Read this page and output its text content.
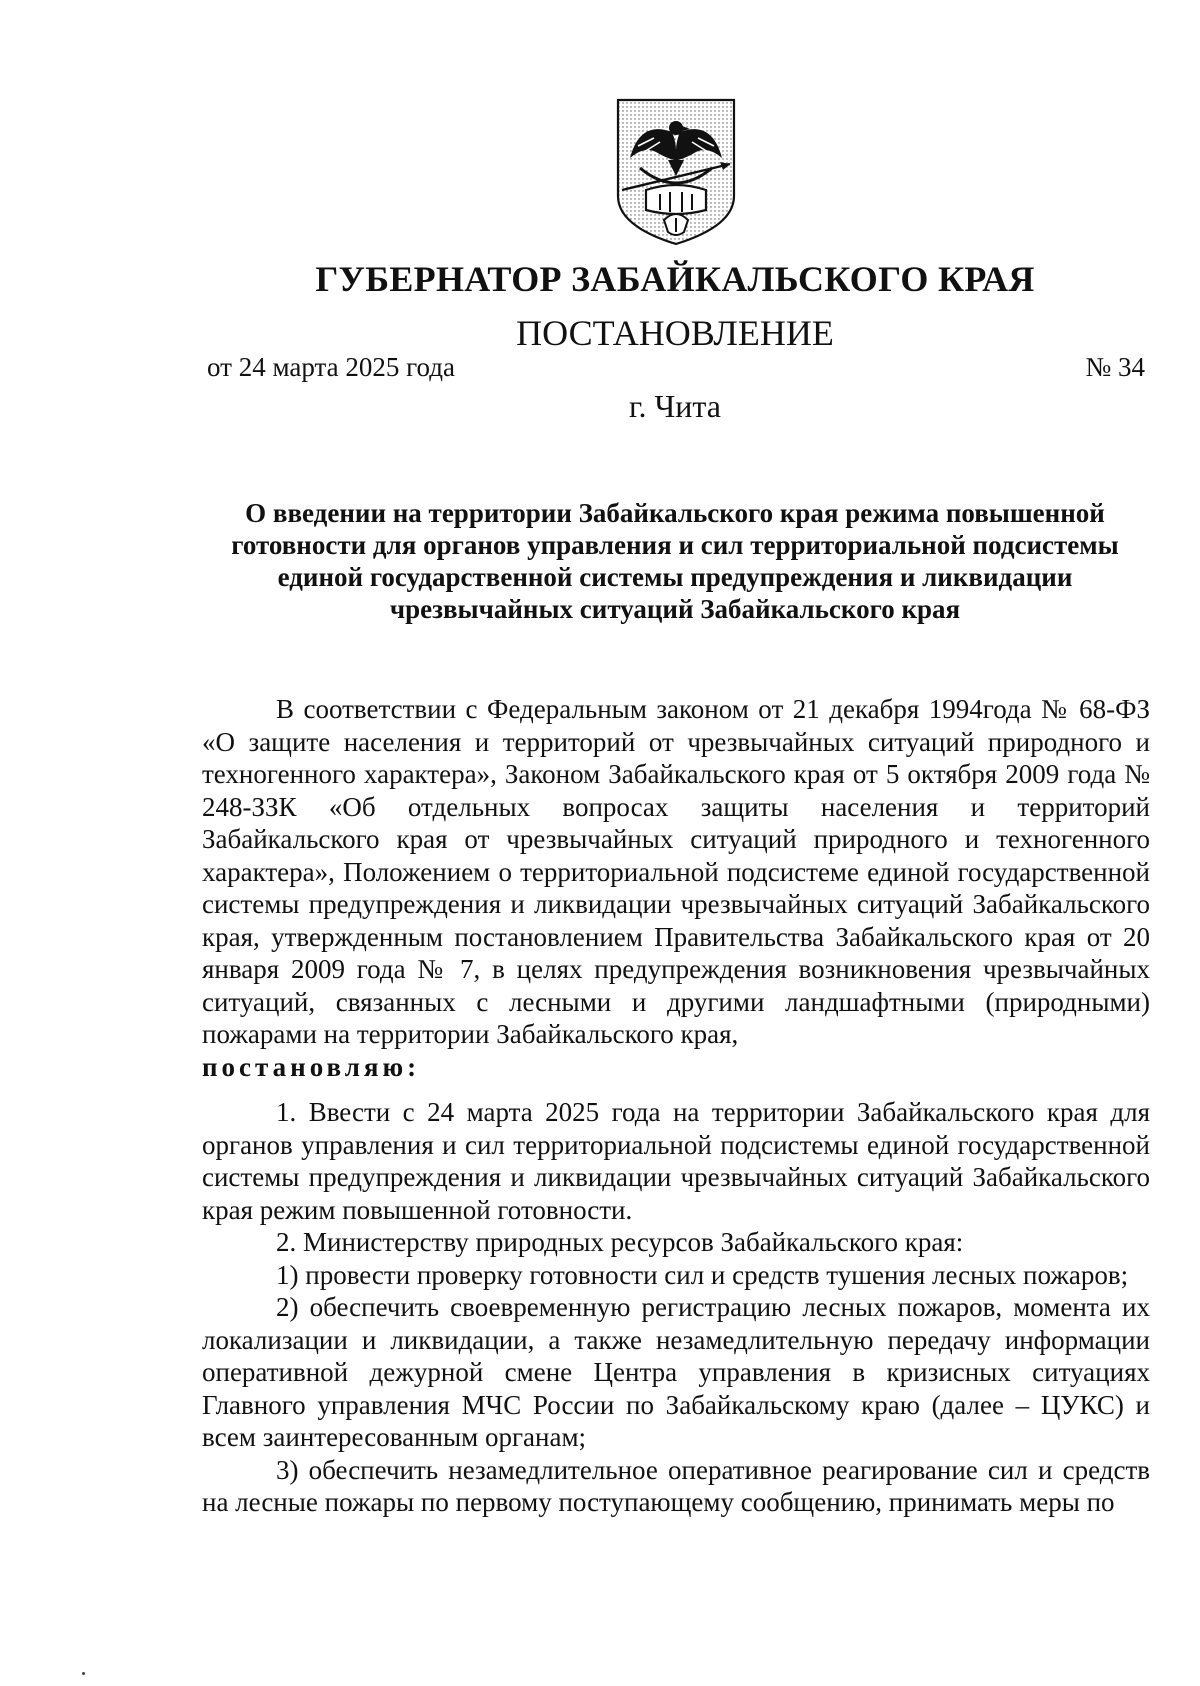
ГУБЕРНАТОР ЗАБАЙКАЛЬСКОГО КРАЯ
ПОСТАНОВЛЕНИЕ
от 24 марта 2025 года	№ 34
г. Чита
О введении на территории Забайкальского края режима повышенной
готовности для органов управления и сил территориальной подсистемы
единой государственной системы предупреждения и ликвидации
чрезвычайных ситуаций Забайкальского края

В соответствии с Федеральным законом от 21 декабря 1994года № 68-ФЗ «О защите населения и территорий от чрезвычайных ситуаций природного и техногенного характера», Законом Забайкальского края от 5 октября 2009 года № 248-ЗЗК «Об отдельных вопросах защиты населения и территорий Забайкальского края от чрезвычайных ситуаций природного и техногенного характера», Положением о территориальной подсистеме единой государственной системы предупреждения и ликвидации чрезвычайных ситуаций Забайкальского края, утвержденным постановлением Правительства Забайкальского края от 20 января 2009 года № 7, в целях предупреждения возникновения чрезвычайных ситуаций, связанных с лесными и другими ландшафтными (природными) пожарами на территории Забайкальского края,

постановляю:

1. Ввести с 24 марта 2025 года на территории Забайкальского края для органов управления и сил территориальной подсистемы единой государственной системы предупреждения и ликвидации чрезвычайных ситуаций Забайкальского края режим повышенной готовности.

2. Министерству природных ресурсов Забайкальского края:

1) провести проверку готовности сил и средств тушения лесных пожаров;

2) обеспечить своевременную регистрацию лесных пожаров, момента их локализации и ликвидации, а также незамедлительную передачу информации оперативной дежурной смене Центра управления в кризисных ситуациях Главного управления МЧС России по Забайкальскому краю (далее – ЦУКС) и всем заинтересованным органам;

3) обеспечить незамедлительное оперативное реагирование сил и средств на лесные пожары по первому поступающему сообщению, принимать меры по
